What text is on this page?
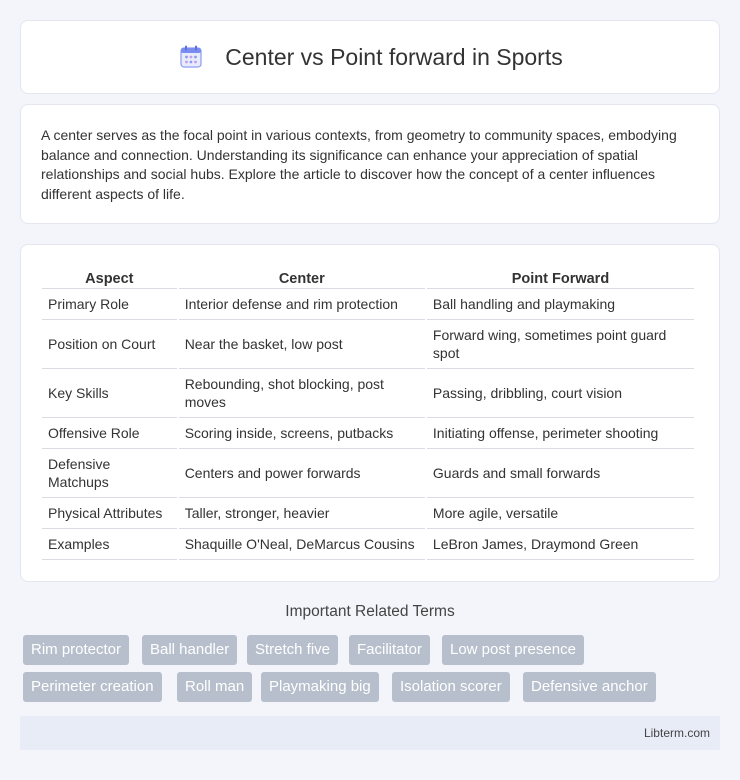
Center vs Point forward in Sports

A center serves as the focal point in various contexts, from geometry to community spaces, embodying balance and connection. Understanding its significance can enhance your appreciation of spatial relationships and social hubs. Explore the article to discover how the concept of a center influences different aspects of life.

Aspect	Center	Point Forward
Primary Role	Interior defense and rim protection	Ball handling and playmaking
Position on Court	Near the basket, low post	Forward wing, sometimes point guard spot
Key Skills	Rebounding, shot blocking, post moves	Passing, dribbling, court vision
Offensive Role	Scoring inside, screens, putbacks	Initiating offense, perimeter shooting
Defensive Matchups	Centers and power forwards	Guards and small forwards
Physical Attributes	Taller, stronger, heavier	More agile, versatile
Examples	Shaquille O'Neal, DeMarcus Cousins	LeBron James, Draymond Green
Important Related Terms
Rim protector	Ball handler	Stretch five	Facilitator	Low post presence
Perimeter creation	Roll man	Playmaking big	Isolation scorer	Defensive anchor
Libterm.com
